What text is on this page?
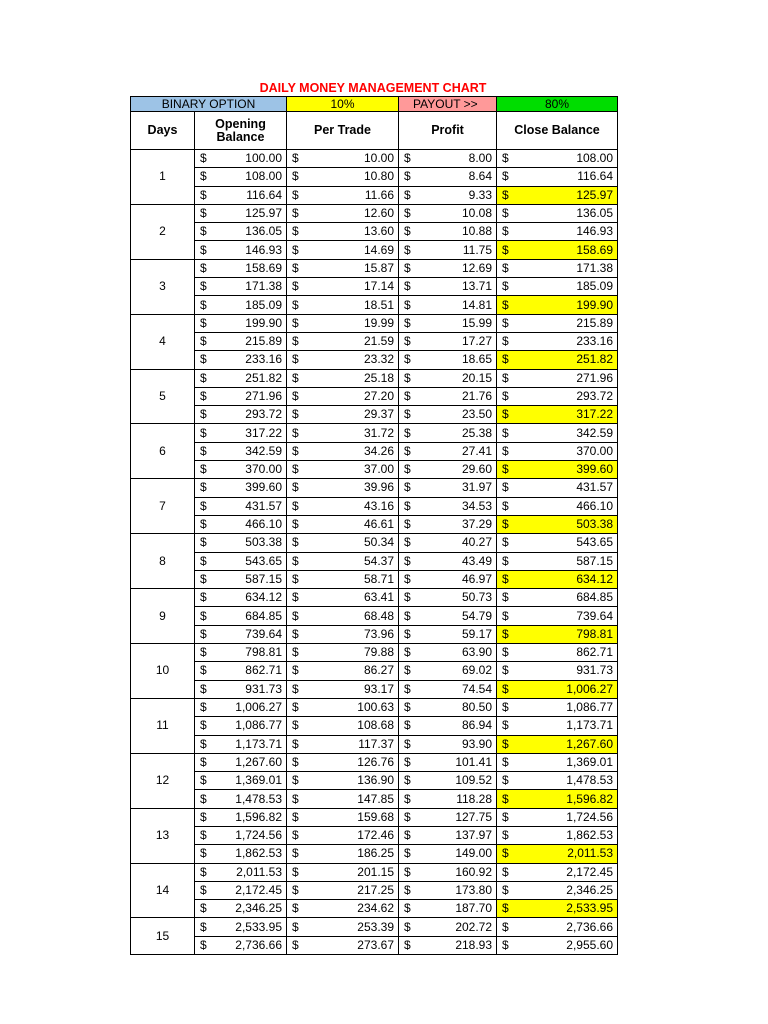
DAILY MONEY MANAGEMENT CHART
BINARY OPTION			10%		PAYOUT >>		80%	
Days	Opening Balance		Per Trade		Profit		Close Balance	
1	$	100.00	$	10.00	$	8.00	$	108.00
	$	108.00	$	10.80	$	8.64	$	116.64
	$	116.64	$	11.66	$	9.33	$	125.97
2	$	125.97	$	12.60	$	10.08	$	136.05
	$	136.05	$	13.60	$	10.88	$	146.93
	$	146.93	$	14.69	$	11.75	$	158.69
3	$	158.69	$	15.87	$	12.69	$	171.38
	$	171.38	$	17.14	$	13.71	$	185.09
	$	185.09	$	18.51	$	14.81	$	199.90
4	$	199.90	$	19.99	$	15.99	$	215.89
	$	215.89	$	21.59	$	17.27	$	233.16
	$	233.16	$	23.32	$	18.65	$	251.82
5	$	251.82	$	25.18	$	20.15	$	271.96
	$	271.96	$	27.20	$	21.76	$	293.72
	$	293.72	$	29.37	$	23.50	$	317.22
6	$	317.22	$	31.72	$	25.38	$	342.59
	$	342.59	$	34.26	$	27.41	$	370.00
	$	370.00	$	37.00	$	29.60	$	399.60
7	$	399.60	$	39.96	$	31.97	$	431.57
	$	431.57	$	43.16	$	34.53	$	466.10
	$	466.10	$	46.61	$	37.29	$	503.38
8	$	503.38	$	50.34	$	40.27	$	543.65
	$	543.65	$	54.37	$	43.49	$	587.15
	$	587.15	$	58.71	$	46.97	$	634.12
9	$	634.12	$	63.41	$	50.73	$	684.85
	$	684.85	$	68.48	$	54.79	$	739.64
	$	739.64	$	73.96	$	59.17	$	798.81
10	$	798.81	$	79.88	$	63.90	$	862.71
	$	862.71	$	86.27	$	69.02	$	931.73
	$	931.73	$	93.17	$	74.54	$	1,006.27
11	$	1,006.27	$	100.63	$	80.50	$	1,086.77
	$	1,086.77	$	108.68	$	86.94	$	1,173.71
	$	1,173.71	$	117.37	$	93.90	$	1,267.60
12	$	1,267.60	$	126.76	$	101.41	$	1,369.01
	$	1,369.01	$	136.90	$	109.52	$	1,478.53
	$	1,478.53	$	147.85	$	118.28	$	1,596.82
13	$	1,596.82	$	159.68	$	127.75	$	1,724.56
	$	1,724.56	$	172.46	$	137.97	$	1,862.53
	$	1,862.53	$	186.25	$	149.00	$	2,011.53
14	$	2,011.53	$	201.15	$	160.92	$	2,172.45
	$	2,172.45	$	217.25	$	173.80	$	2,346.25
	$	2,346.25	$	234.62	$	187.70	$	2,533.95
15	$	2,533.95	$	253.39	$	202.72	$	2,736.66
	$	2,736.66	$	273.67	$	218.93	$	2,955.60
